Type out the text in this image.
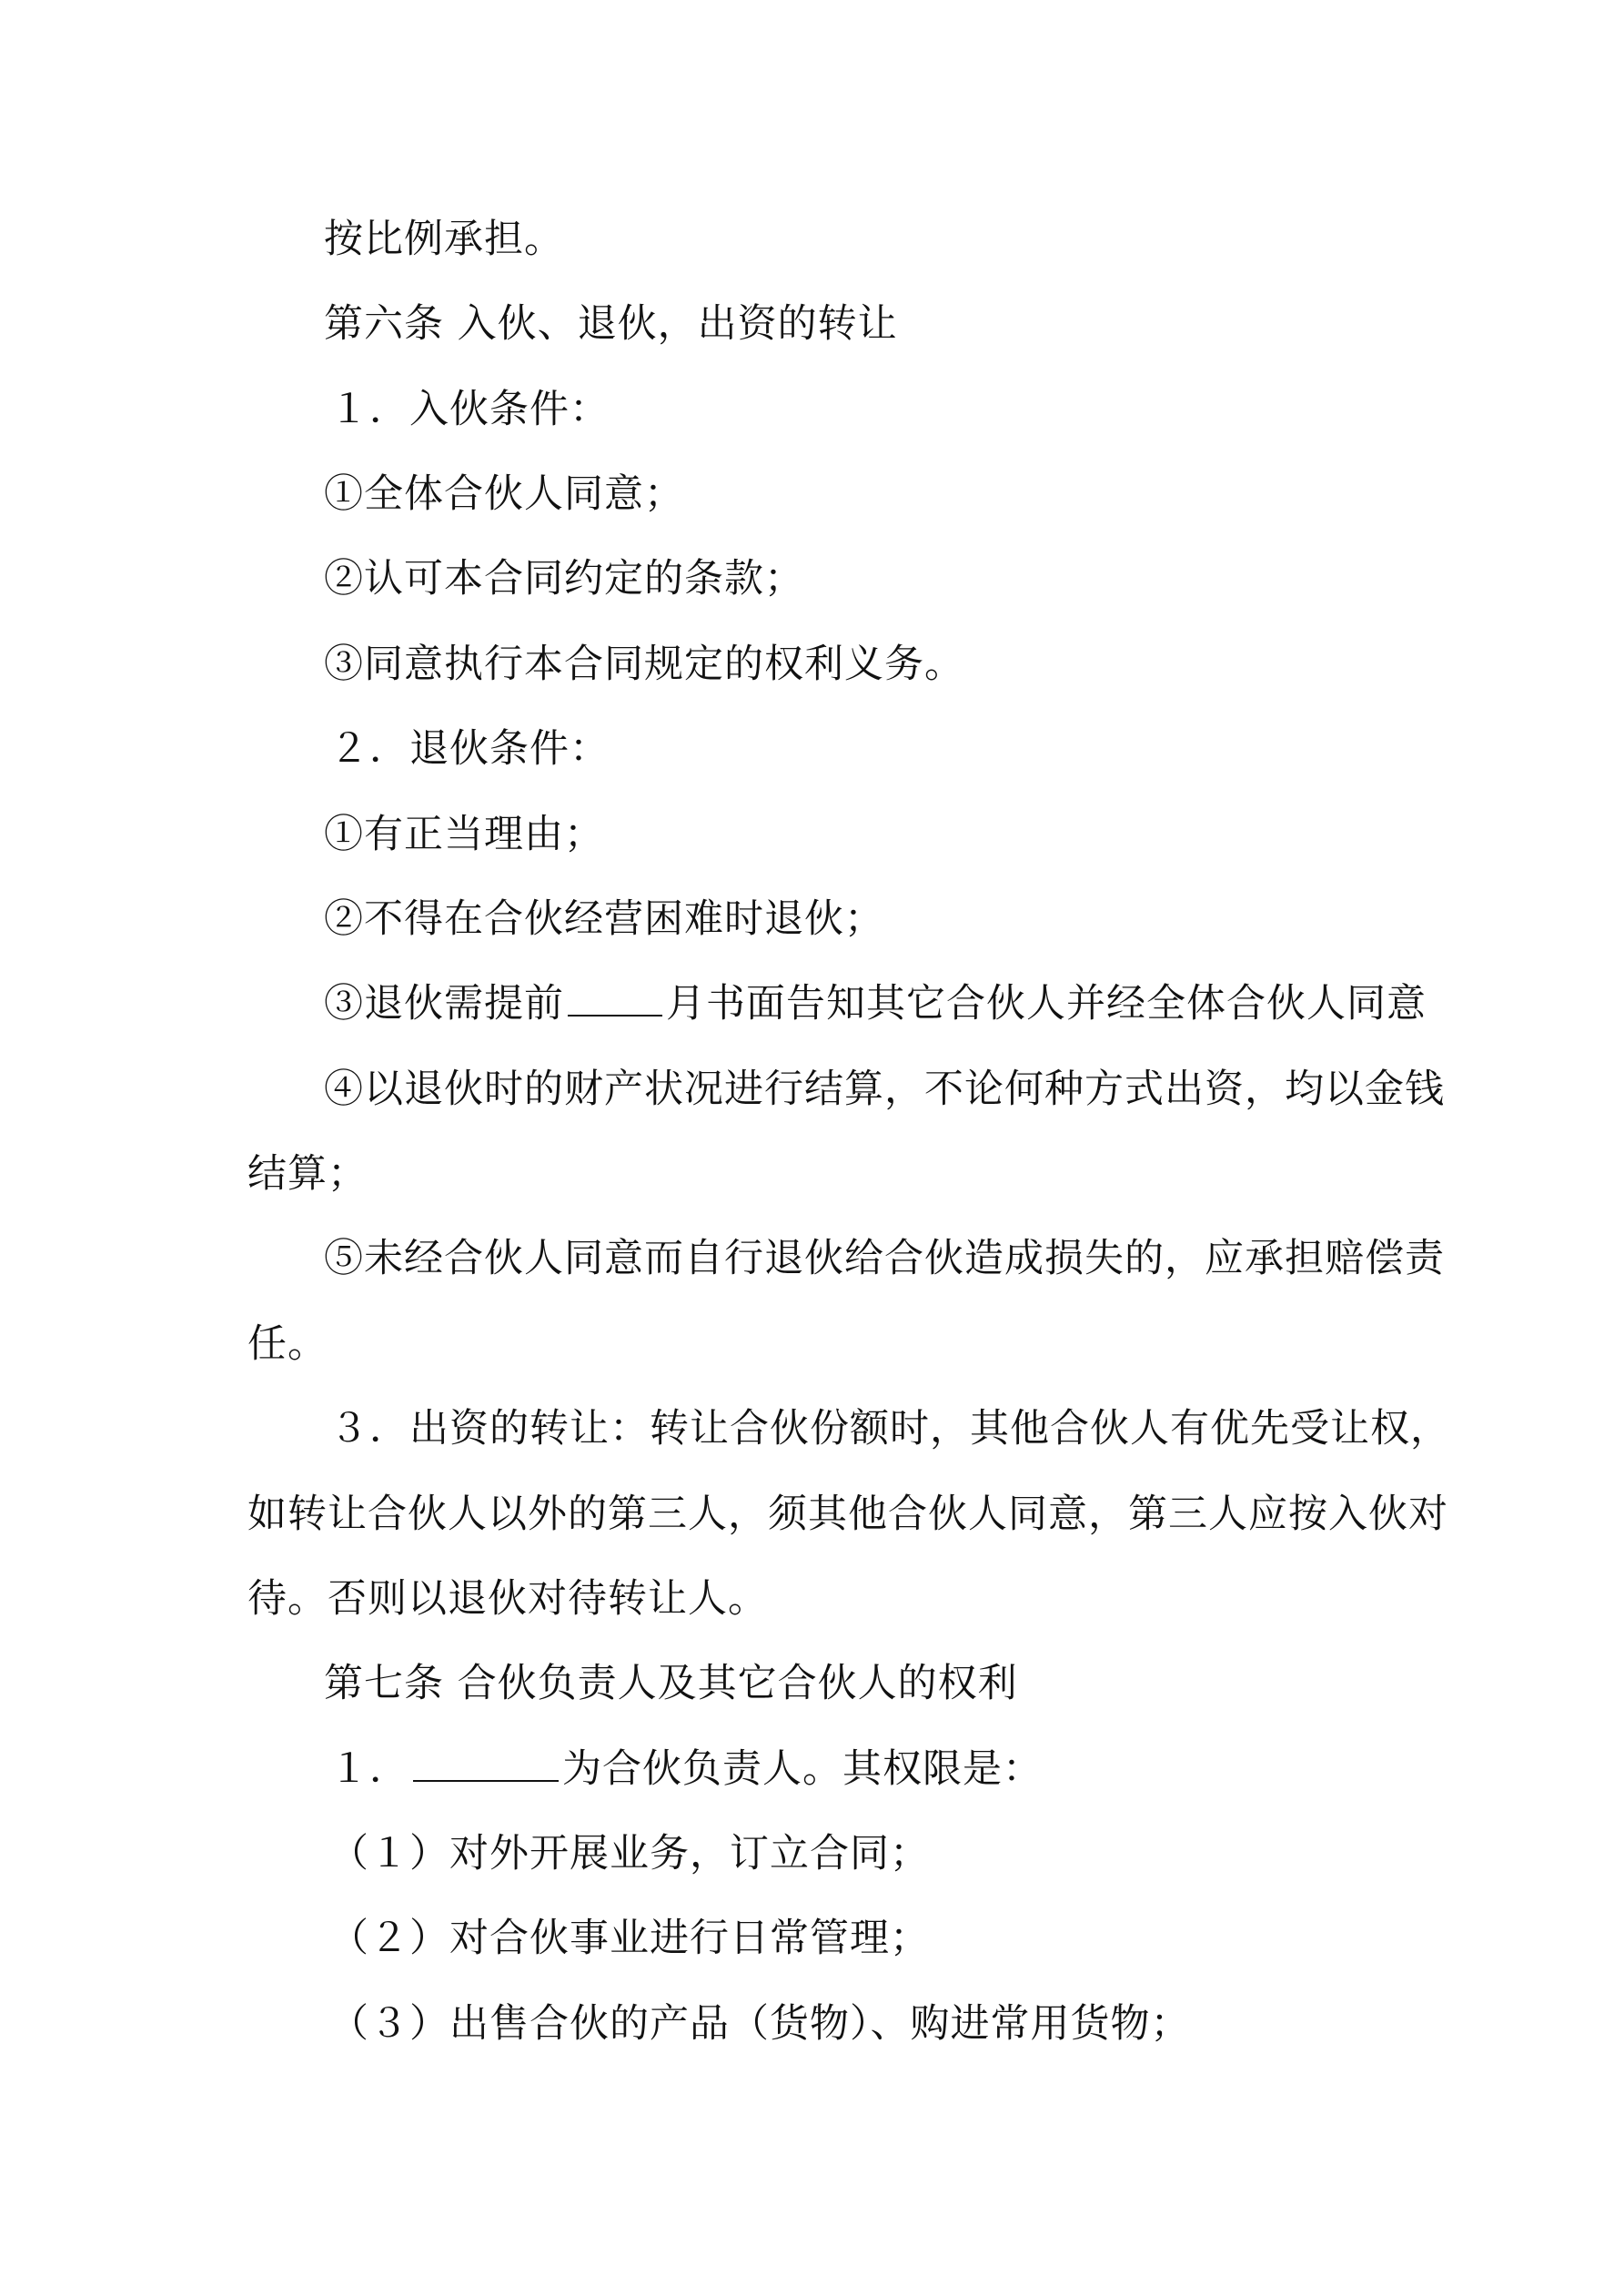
按比例承担。
第六条 入伙、退伙，出资的转让
１．入伙条件：
①全体合伙人同意；
②认可本合同约定的条款；
③同意执行本合同规定的权利义务。
２．退伙条件：
①有正当理由；
②不得在合伙经营困难时退伙；
③退伙需提前	月书面告知其它合伙人并经全体合伙人同意
④以退伙时的财产状况进行结算，不论何种方式出资，均以金钱
结算；
⑤未经合伙人同意而自行退伙给合伙造成损失的，应承担赔偿责
任。
３．出资的转让：转让合伙份额时，其他合伙人有优先受让权，
如转让合伙人以外的第三人，须其他合伙人同意，第三人应按入伙对
待。否则以退伙对待转让人。
第七条 合伙负责人及其它合伙人的权利
１．	为合伙负责人。其权限是：
（１）对外开展业务，订立合同；
（２）对合伙事业进行日常管理；
（３）出售合伙的产品（货物）、购进常用货物；
